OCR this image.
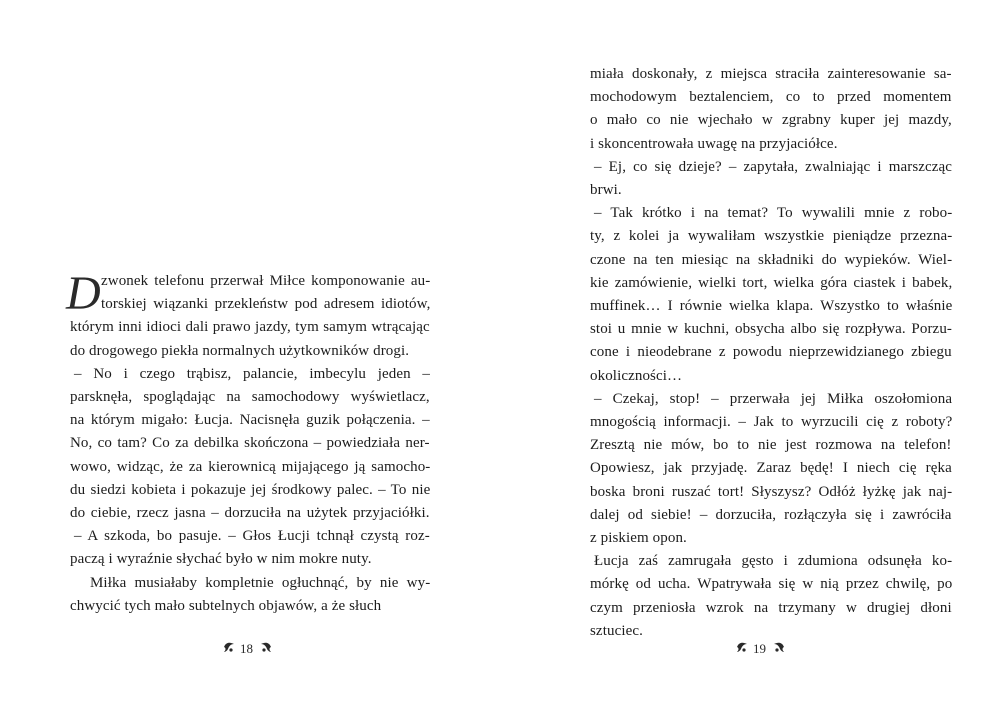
D zwonek telefonu przerwał Miłce komponowanie au-
torskiej wiązanki przekleństw pod adresem idiotów,
którym inni idioci dali prawo jazdy, tym samym wtrącając
do drogowego piekła normalnych użytkowników drogi.
– No i czego trąbisz, palancie, imbecylu jeden –
parsknęła, spoglądając na samochodowy wyświetlacz,
na którym migało: Łucja. Nacisnęła guzik połączenia. –
No, co tam? Co za debilka skończona – powiedziała ner-
wowo, widząc, że za kierownicą mijającego ją samocho-
du siedzi kobieta i pokazuje jej środkowy palec. – To nie
do ciebie, rzecz jasna – dorzuciła na użytek przyjaciółki.
– A szkoda, bo pasuje. – Głos Łucji tchnął czystą roz-
paczą i wyraźnie słychać było w nim mokre nuty.
Miłka musiałaby kompletnie ogłuchnąć, by nie wy-
chwycić tych mało subtelnych objawów, a że słuch
18
miała doskonały, z miejsca straciła zainteresowanie sa-
mochodowym beztalenciem, co to przed momentem
o mało co nie wjechało w zgrabny kuper jej mazdy,
i skoncentrowała uwagę na przyjaciółce.
– Ej, co się dzieje? – zapytała, zwalniając i marszcząc
brwi.
– Tak krótko i na temat? To wywalili mnie z robo-
ty, z kolei ja wywaliłam wszystkie pieniądze przezna-
czone na ten miesiąc na składniki do wypieków. Wiel-
kie zamówienie, wielki tort, wielka góra ciastek i babek,
muffinek… I równie wielka klapa. Wszystko to właśnie
stoi u mnie w kuchni, obsycha albo się rozpływa. Porzu-
cone i nieodebrane z powodu nieprzewidzianego zbiegu
okoliczności…
– Czekaj, stop! – przerwała jej Miłka oszołomiona
mnogością informacji. – Jak to wyrzucili cię z roboty?
Zresztą nie mów, bo to nie jest rozmowa na telefon!
Opowiesz, jak przyjadę. Zaraz będę! I niech cię ręka
boska broni ruszać tort! Słyszysz? Odłóż łyżkę jak naj-
dalej od siebie! – dorzuciła, rozłączyła się i zawróciła
z piskiem opon.
Łucja zaś zamrugała gęsto i zdumiona odsunęła ko-
mórkę od ucha. Wpatrywała się w nią przez chwilę, po
czym przeniosła wzrok na trzymany w drugiej dłoni
sztuciec.
19
